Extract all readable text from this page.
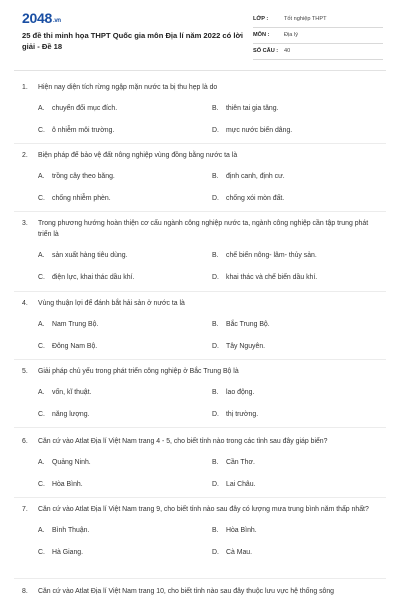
2048.vn
25 đề thi minh họa THPT Quốc gia môn Địa lí năm 2022 có lời giải - Đề 18
LỚP :	Tốt nghiệp THPT
MÔN :	Địa lý
SỐ CÂU : 40
1. Hiện nay diện tích rừng ngập mặn nước ta bị thu hẹp là do
A. chuyển đổi mục đích.	B. thiên tai gia tăng.
C. ô nhiễm môi trường.	D. mực nước biển dâng.
2. Biện pháp để bảo vệ đất nông nghiệp vùng đồng bằng nước ta là
A. trồng cây theo băng.	B. định canh, định cư.
C. chống nhiễm phèn.	D. chống xói mòn đất.
3. Trong phương hướng hoàn thiện cơ cấu ngành công nghiệp nước ta, ngành công nghiệp cần tập trung phát triển là
A. sản xuất hàng tiêu dùng.	B. chế biến nông- lâm- thủy sản.
C. điện lực, khai thác dầu khí.	D. khai thác và chế biến dầu khí.
4. Vùng thuận lợi để đánh bắt hải sản ở nước ta là
A. Nam Trung Bộ.	B. Bắc Trung Bộ.
C. Đông Nam Bộ.	D. Tây Nguyên.
5. Giải pháp chủ yếu trong phát triển công nghiệp ở Bắc Trung Bộ là
A. vốn, kĩ thuật.	B. lao động.
C. năng lượng.	D. thị trường.
6. Căn cứ vào Atlat Địa lí Việt Nam trang 4 - 5, cho biết tỉnh nào trong các tỉnh sau đây giáp biển?
A. Quảng Ninh.	B. Cần Thơ.
C. Hòa Bình.	D. Lai Châu.
7. Căn cứ vào Atlat Địa lí Việt Nam trang 9, cho biết tỉnh nào sau đây có lượng mưa trung bình năm thấp nhất?
A. Bình Thuận.	B. Hòa Bình.
C. Hà Giang.	D. Cà Mau.
8. Căn cứ vào Atlat Địa lí Việt Nam trang 10, cho biết tỉnh nào sau đây thuộc lưu vực hệ thống sông
